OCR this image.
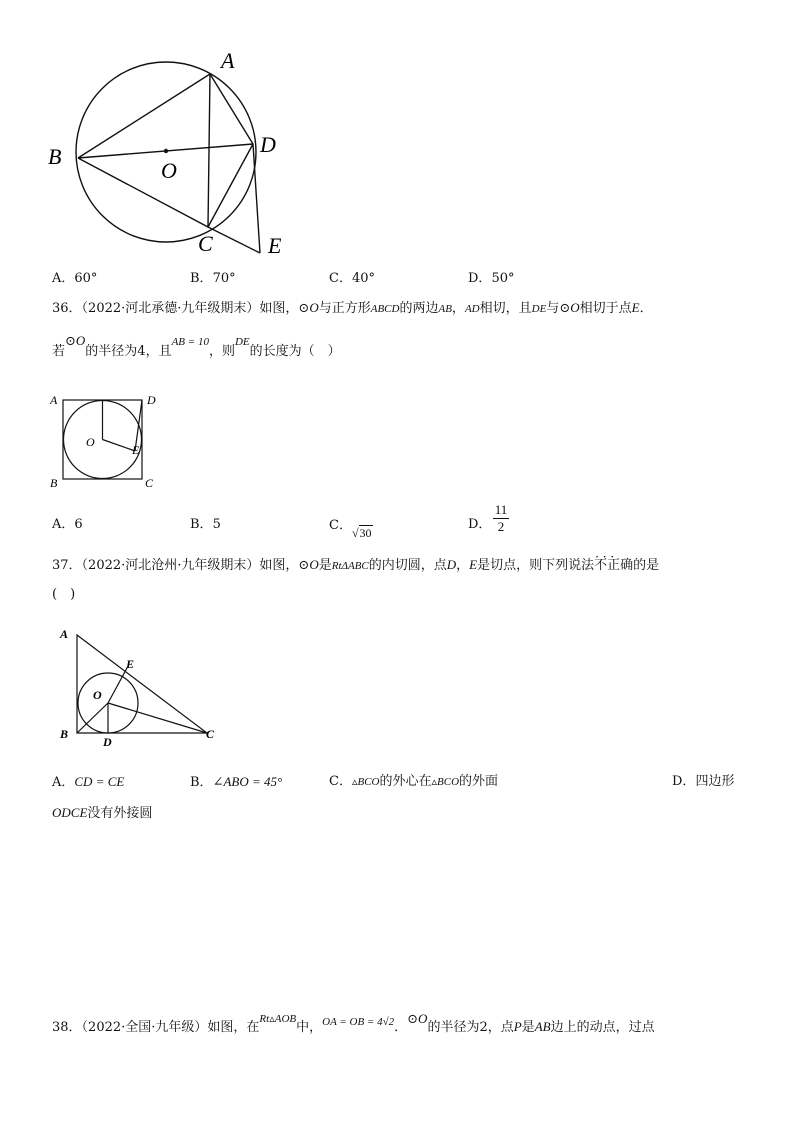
A
B
O
D
C	E
A．60°	B．70°	C．40°	D．50°
36．（2022·河北承德·九年级期末）如图，⊙O与正方形ABCD的两边AB，AD相切，且DE与⊙O相切于点E．
若⊙O的半径为4，且$^{AB = 10}$，则$^{DE}$的长度为（　）
A	D
O
E
B	C
A．6	B．5	C．√30
D．
11
2
37．（2022·河北沧州·九年级期末）如图，⊙O是RtΔABC的内切圆，点D，E是切点，则下列说法· · · 不正确的是
(　)
A
E
O
B
D
C
A．CD = CE	B．∠ABO = 45°	C．▵BCO的外心在▵BCO的外面	D．四边形
ODCE没有外接圆
38．（2022·全国·九年级）如图，在$^{Rt▵AOB}$中，$^{OA = OB = 4√2}$．⊙O的半径为2，点P是AB边上的动点，过点
